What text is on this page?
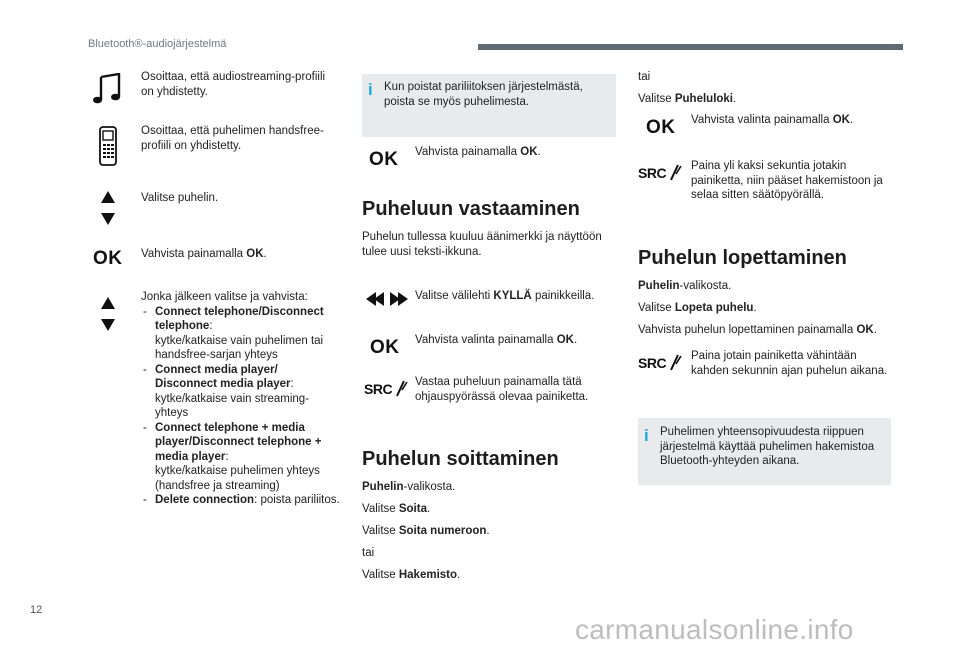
Bluetooth®-audiojärjestelmä
Osoittaa, että audiostreaming-profiili on yhdistetty.
Osoittaa, että puhelimen handsfree-profiili on yhdistetty.
Valitse puhelin.
OK Vahvista painamalla OK.
Jonka jälkeen valitse ja vahvista:
- Connect telephone/Disconnect telephone:
kytke/katkaise vain puhelimen tai handsfree-sarjan yhteys
- Connect media player/ Disconnect media player:
kytke/katkaise vain streaming-yhteys
- Connect telephone + media player/Disconnect telephone + media player:
kytke/katkaise puhelimen yhteys (handsfree ja streaming)
- Delete connection: poista pariliitos.
i Kun poistat pariliitoksen järjestelmästä, poista se myös puhelimesta.
OK Vahvista painamalla OK.
Puheluun vastaaminen
Puhelun tullessa kuuluu äänimerkki ja näyttöön tulee uusi teksti-ikkuna.
Valitse välilehti KYLLÄ painikkeilla.
OK Vahvista valinta painamalla OK.
SRC Vastaa puheluun painamalla tätä ohjauspyörässä olevaa painiketta.
Puhelun soittaminen
Puhelin-valikosta.
Valitse Soita.
Valitse Soita numeroon.
tai
Valitse Hakemisto.
tai
Valitse Puheluloki.
OK Vahvista valinta painamalla OK.
SRC Paina yli kaksi sekuntia jotakin painiketta, niin pääset hakemistoon ja selaa sitten säätöpyörällä.
Puhelun lopettaminen
Puhelin-valikosta.
Valitse Lopeta puhelu.
Vahvista puhelun lopettaminen painamalla OK.
SRC Paina jotain painiketta vähintään kahden sekunnin ajan puhelun aikana.
i Puhelimen yhteensopivuudesta riippuen järjestelmä käyttää puhelimen hakemistoa Bluetooth-yhteyden aikana.
12
carmanualsonline.info
